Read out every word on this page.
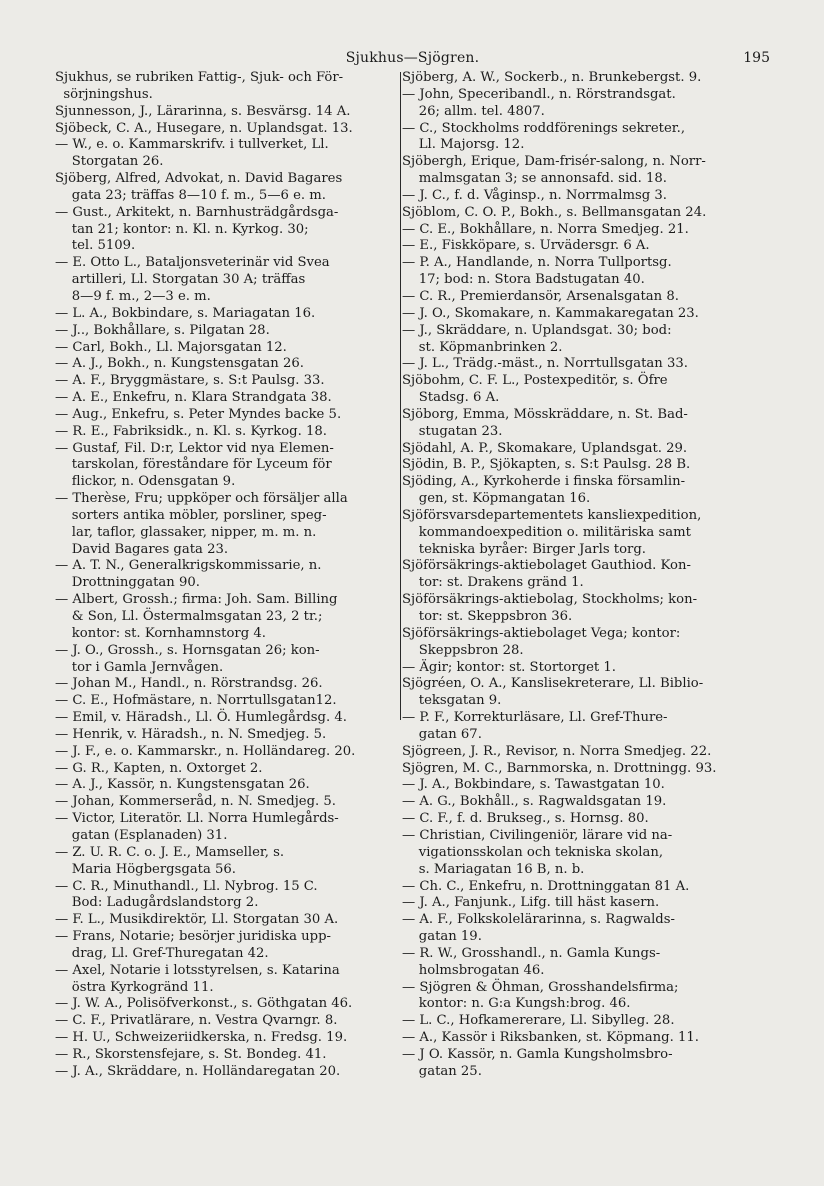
Sjukhus—Sjögren.	195
Sjukhus, se rubriken Fattig-, Sjuk- och För-
sörjningshus.
Sjunnesson, J., Lärarinna, s. Besvärsg. 14 A.
Sjöbeck, C. A., Husegare, n. Uplandsgat. 13.
— W., e. o. Kammarskrifv. i tullverket, Ll.
Storgatan 26.
Sjöberg, Alfred, Advokat, n. David Bagares
gata 23; träffas 8—10 f. m., 5—6 e. m.
— Gust., Arkitekt, n. Barnhusträdgårdsga-
tan 21; kontor: n. Kl. n. Kyrkog. 30;
tel. 5109.
— E. Otto L., Bataljonsveterinär vid Svea
artilleri, Ll. Storgatan 30 A; träffas
8—9 f. m., 2—3 e. m.
— L. A., Bokbindare, s. Mariagatan 16.
— J.., Bokhållare, s. Pilgatan 28.
— Carl, Bokh., Ll. Majorsgatan 12.
— A. J., Bokh., n. Kungstensgatan 26.
— A. F., Bryggmästare, s. S:t Paulsg. 33.
— A. E., Enkefru, n. Klara Strandgata 38.
— Aug., Enkefru, s. Peter Myndes backe 5.
— R. E., Fabriksidk., n. Kl. s. Kyrkog. 18.
— Gustaf, Fil. D:r, Lektor vid nya Elemen-
tarskolan, föreståndare för Lyceum för
flickor, n. Odensgatan 9.
— Therèse, Fru; uppköper och försäljer alla
sorters antika möbler, porsliner, speg-
lar, taflor, glassaker, nipper, m. m. n.
David Bagares gata 23.
— A. T. N., Generalkrigskommissarie, n.
Drottninggatan 90.
— Albert, Grossh.; firma: Joh. Sam. Billing
& Son, Ll. Östermalmsgatan 23, 2 tr.;
kontor: st. Kornhamnstorg 4.
— J. O., Grossh., s. Hornsgatan 26; kon-
tor i Gamla Jernvågen.
— Johan M., Handl., n. Rörstrandsg. 26.
— C. E., Hofmästare, n. Norrtullsgatan12.
— Emil, v. Häradsh., Ll. Ö. Humlegårdsg. 4.
— Henrik, v. Häradsh., n. N. Smedjeg. 5.
— J. F., e. o. Kammarskr., n. Holländareg. 20.
— G. R., Kapten, n. Oxtorget 2.
— A. J., Kassör, n. Kungstensgatan 26.
— Johan, Kommerseråd, n. N. Smedjeg. 5.
— Victor, Literatör. Ll. Norra Humlegårds-
gatan (Esplanaden) 31.
— Z. U. R. C. o. J. E., Mamseller, s.
Maria Högbergsgata 56.
— C. R., Minuthandl., Ll. Nybrog. 15 C.
Bod: Ladugårdslandstorg 2.
— F. L., Musikdirektör, Ll. Storgatan 30 A.
— Frans, Notarie; besörjer juridiska upp-
drag, Ll. Gref-Thuregatan 42.
— Axel, Notarie i lotsstyrelsen, s. Katarina
östra Kyrkogränd 11.
— J. W. A., Polisöfverkonst., s. Göthgatan 46.
— C. F., Privatlärare, n. Vestra Qvarngr. 8.
— H. U., Schweizeriidkerska, n. Fredsg. 19.
— R., Skorstensfejare, s. St. Bondeg. 41.
— J. A., Skräddare, n. Holländaregatan 20.
Sjöberg, A. W., Sockerb., n. Brunkebergst. 9.
— John, Speceribandl., n. Rörstrandsgat.
26; allm. tel. 4807.
— C., Stockholms roddförenings sekreter.,
Ll. Majorsg. 12.
Sjöbergh, Erique, Dam-frisér-salong, n. Norr-
malmsgatan 3; se annonsafd. sid. 18.
— J. C., f. d. Våginsp., n. Norrmalmsg 3.
Sjöblom, C. O. P., Bokh., s. Bellmansgatan 24.
— C. E., Bokhållare, n. Norra Smedjeg. 21.
— E., Fiskköpare, s. Urvädersgr. 6 A.
— P. A., Handlande, n. Norra Tullportsg.
17; bod: n. Stora Badstugatan 40.
— C. R., Premierdansör, Arsenalsgatan 8.
— J. O., Skomakare, n. Kammakaregatan 23.
— J., Skräddare, n. Uplandsgat. 30; bod:
st. Köpmanbrinken 2.
— J. L., Trädg.-mäst., n. Norrtullsgatan 33.
Sjöbohm, C. F. L., Postexpeditör, s. Öfre
Stadsg. 6 A.
Sjöborg, Emma, Mösskräddare, n. St. Bad-
stugatan 23.
Sjödahl, A. P., Skomakare, Uplandsgat. 29.
Sjödin, B. P., Sjökapten, s. S:t Paulsg. 28 B.
Sjöding, A., Kyrkoherde i finska församlin-
gen, st. Köpmangatan 16.
Sjöförsvarsdepartementets kansliexpedition,
kommandoexpedition o. militäriska samt
tekniska byråer: Birger Jarls torg.
Sjöförsäkrings-aktiebolaget Gauthiod. Kon-
tor: st. Drakens gränd 1.
Sjöförsäkrings-aktiebolag, Stockholms; kon-
tor: st. Skeppsbron 36.
Sjöförsäkrings-aktiebolaget Vega; kontor:
Skeppsbron 28.
— Ägir; kontor: st. Stortorget 1.
Sjögréen, O. A., Kanslisekreterare, Ll. Biblio-
teksgatan 9.
— P. F., Korrekturläsare, Ll. Gref-Thure-
gatan 67.
Sjögreen, J. R., Revisor, n. Norra Smedjeg. 22.
Sjögren, M. C., Barnmorska, n. Drottningg. 93.
— J. A., Bokbindare, s. Tawastgatan 10.
— A. G., Bokhåll., s. Ragwaldsgatan 19.
— C. F., f. d. Brukseg., s. Hornsg. 80.
— Christian, Civilingeniör, lärare vid na-
vigationsskolan och tekniska skolan,
s. Mariagatan 16 B, n. b.
— Ch. C., Enkefru, n. Drottninggatan 81 A.
— J. A., Fanjunk., Lifg. till häst kasern.
— A. F., Folkskolelärarinna, s. Ragwalds-
gatan 19.
— R. W., Grosshandl., n. Gamla Kungs-
holmsbrogatan 46.
— Sjögren & Öhman, Grosshandelsfirma;
kontor: n. G:a Kungsh:brog. 46.
— L. C., Hofkamererare, Ll. Sibylleg. 28.
— A., Kassör i Riksbanken, st. Köpmang. 11.
— J O. Kassör, n. Gamla Kungsholmsbro-
gatan 25.
